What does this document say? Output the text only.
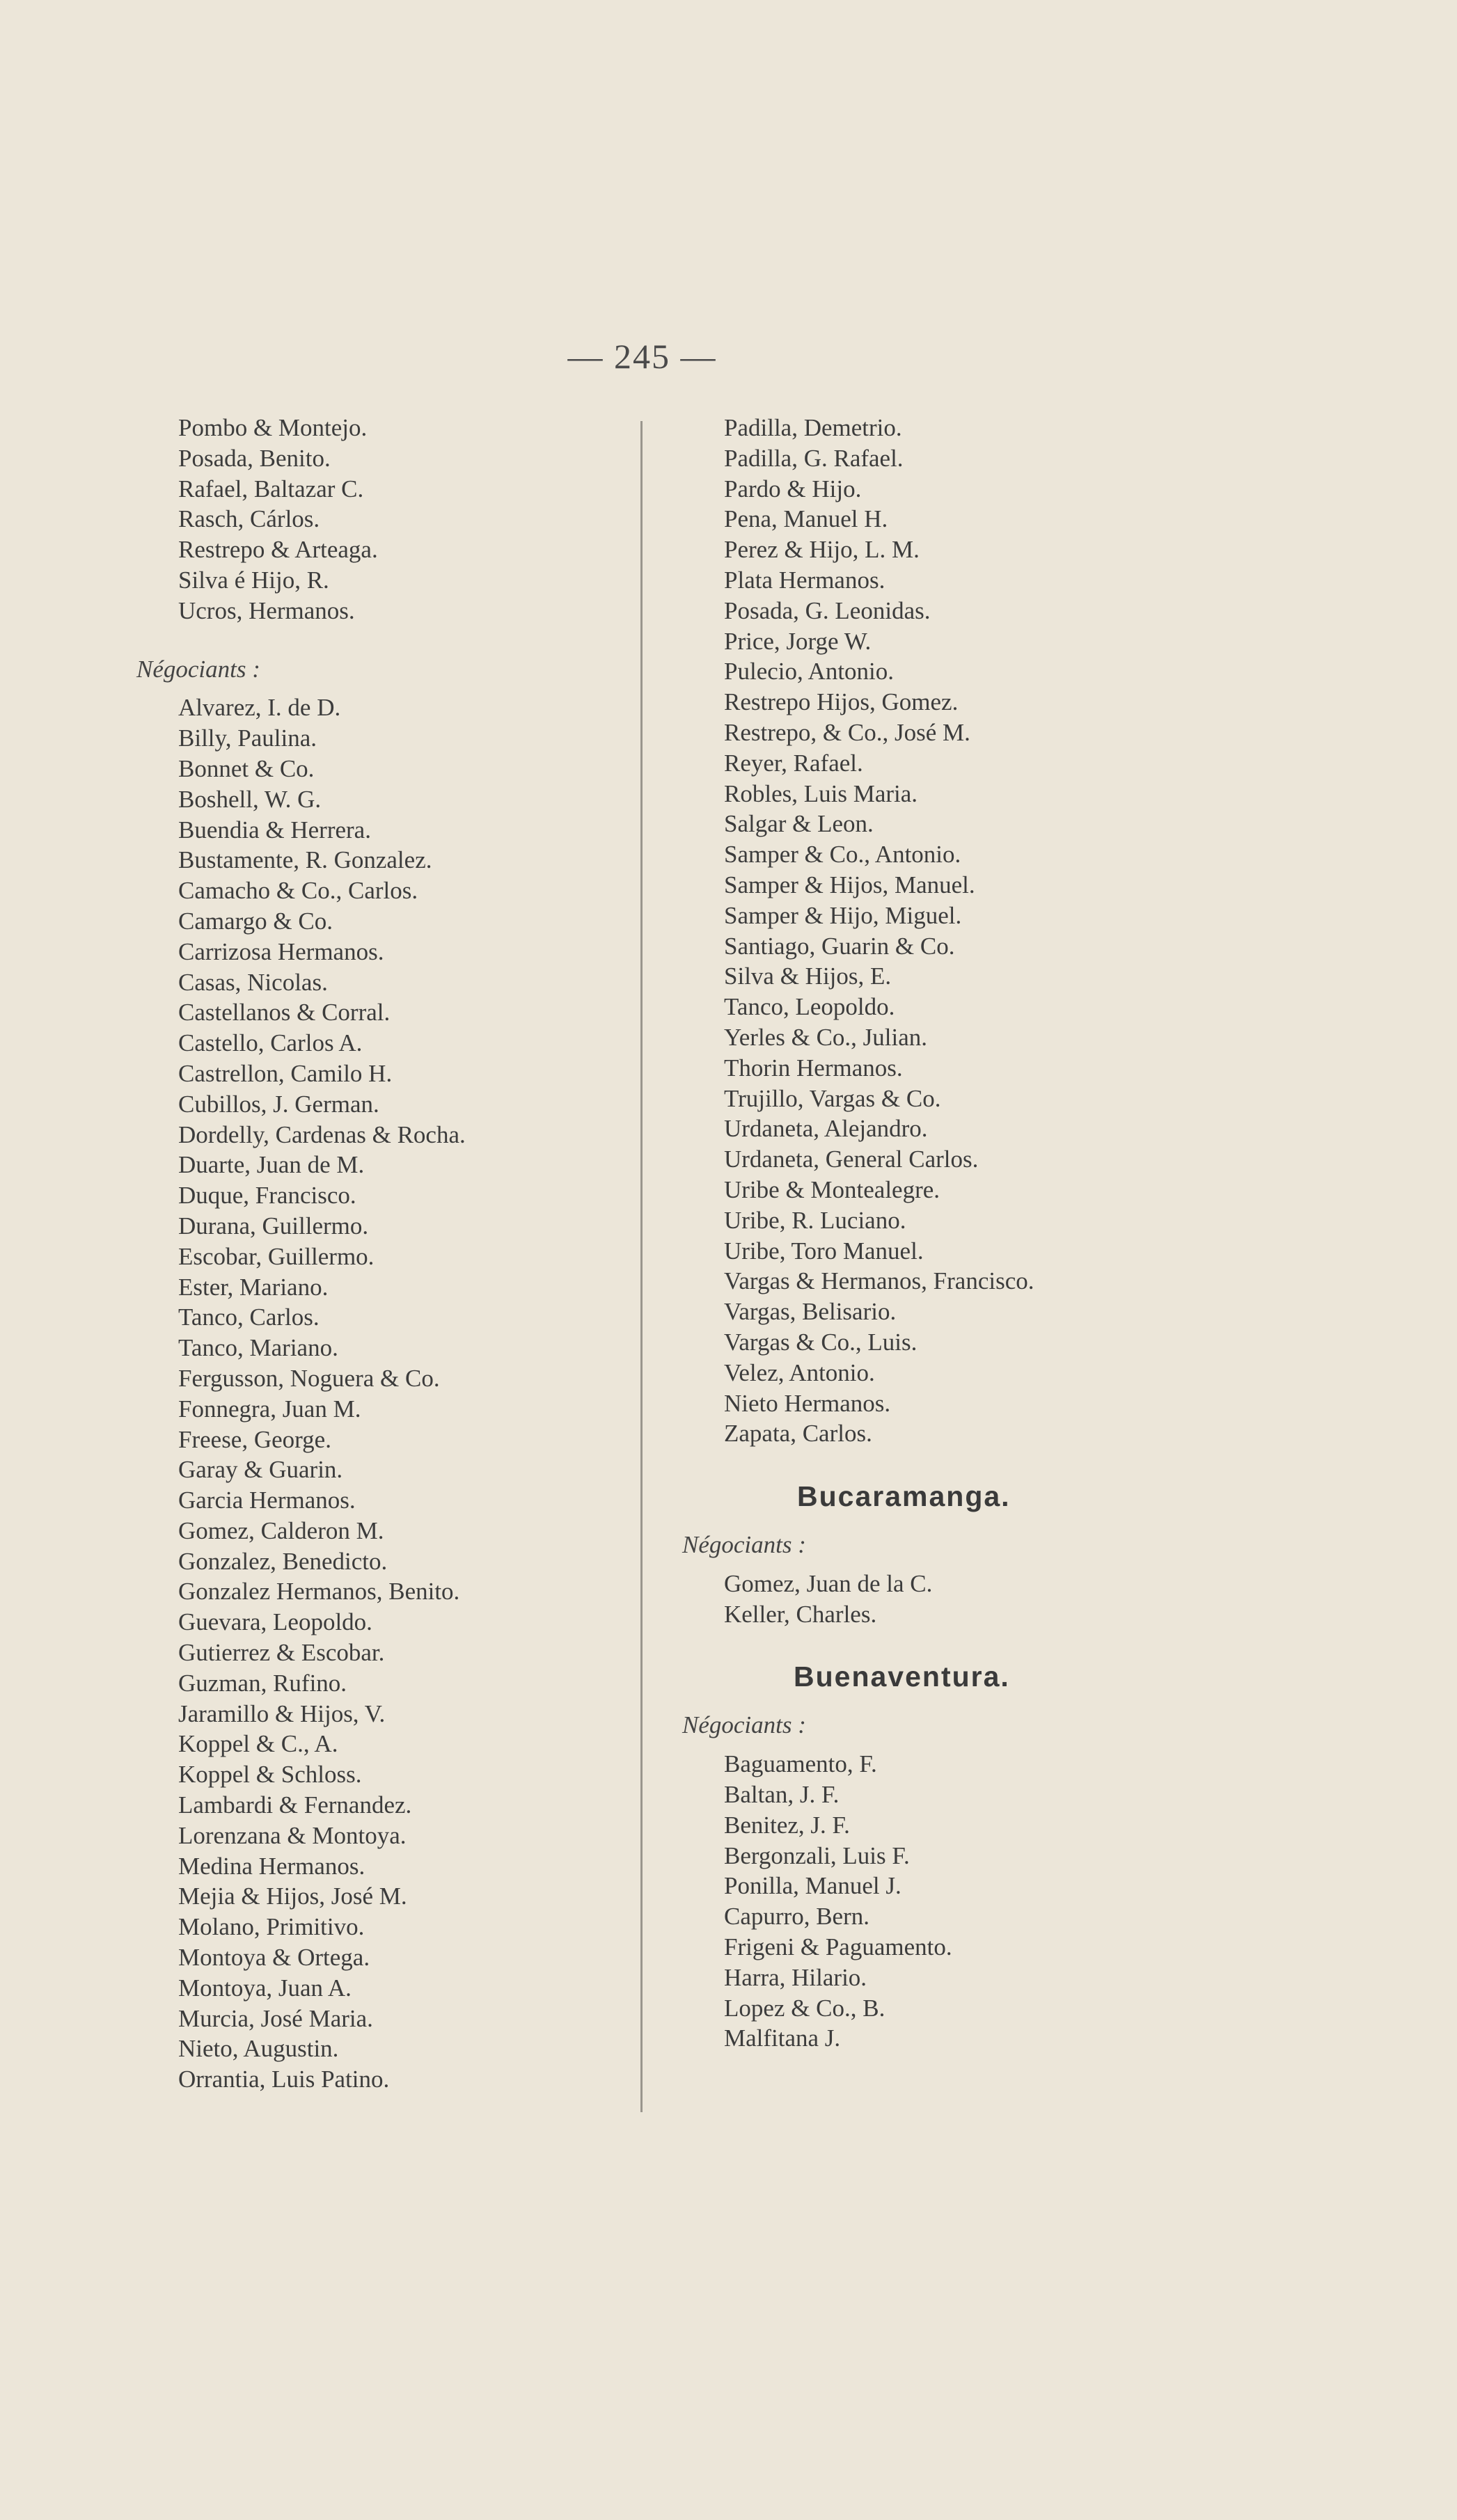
— 245 —
Pombo & Montejo.
Posada, Benito.
Rafael, Baltazar C.
Rasch, Cárlos.
Restrepo & Arteaga.
Silva é Hijo, R.
Ucros, Hermanos.
Négociants :
Alvarez, I. de D.
Billy, Paulina.
Bonnet & Co.
Boshell, W. G.
Buendia & Herrera.
Bustamente, R. Gonzalez.
Camacho & Co., Carlos.
Camargo & Co.
Carrizosa Hermanos.
Casas, Nicolas.
Castellanos & Corral.
Castello, Carlos A.
Castrellon, Camilo H.
Cubillos, J. German.
Dordelly, Cardenas & Rocha.
Duarte, Juan de M.
Duque, Francisco.
Durana, Guillermo.
Escobar, Guillermo.
Ester, Mariano.
Tanco, Carlos.
Tanco, Mariano.
Fergusson, Noguera & Co.
Fonnegra, Juan M.
Freese, George.
Garay & Guarin.
Garcia Hermanos.
Gomez, Calderon M.
Gonzalez, Benedicto.
Gonzalez Hermanos, Benito.
Guevara, Leopoldo.
Gutierrez & Escobar.
Guzman, Rufino.
Jaramillo & Hijos, V.
Koppel & C., A.
Koppel & Schloss.
Lambardi & Fernandez.
Lorenzana & Montoya.
Medina Hermanos.
Mejia & Hijos, José M.
Molano, Primitivo.
Montoya & Ortega.
Montoya, Juan A.
Murcia, José Maria.
Nieto, Augustin.
Orrantia, Luis Patino.
Padilla, Demetrio.
Padilla, G. Rafael.
Pardo & Hijo.
Pena, Manuel H.
Perez & Hijo, L. M.
Plata Hermanos.
Posada, G. Leonidas.
Price, Jorge W.
Pulecio, Antonio.
Restrepo Hijos, Gomez.
Restrepo, & Co., José M.
Reyer, Rafael.
Robles, Luis Maria.
Salgar & Leon.
Samper & Co., Antonio.
Samper & Hijos, Manuel.
Samper & Hijo, Miguel.
Santiago, Guarin & Co.
Silva & Hijos, E.
Tanco, Leopoldo.
Yerles & Co., Julian.
Thorin Hermanos.
Trujillo, Vargas & Co.
Urdaneta, Alejandro.
Urdaneta, General Carlos.
Uribe & Montealegre.
Uribe, R. Luciano.
Uribe, Toro Manuel.
Vargas & Hermanos, Francisco.
Vargas, Belisario.
Vargas & Co., Luis.
Velez, Antonio.
Nieto Hermanos.
Zapata, Carlos.
Bucaramanga.
Négociants :
Gomez, Juan de la C.
Keller, Charles.
Buenaventura.
Négociants :
Baguamento, F.
Baltan, J. F.
Benitez, J. F.
Bergonzali, Luis F.
Ponilla, Manuel J.
Capurro, Bern.
Frigeni & Paguamento.
Harra, Hilario.
Lopez & Co., B.
Malfitana J.
